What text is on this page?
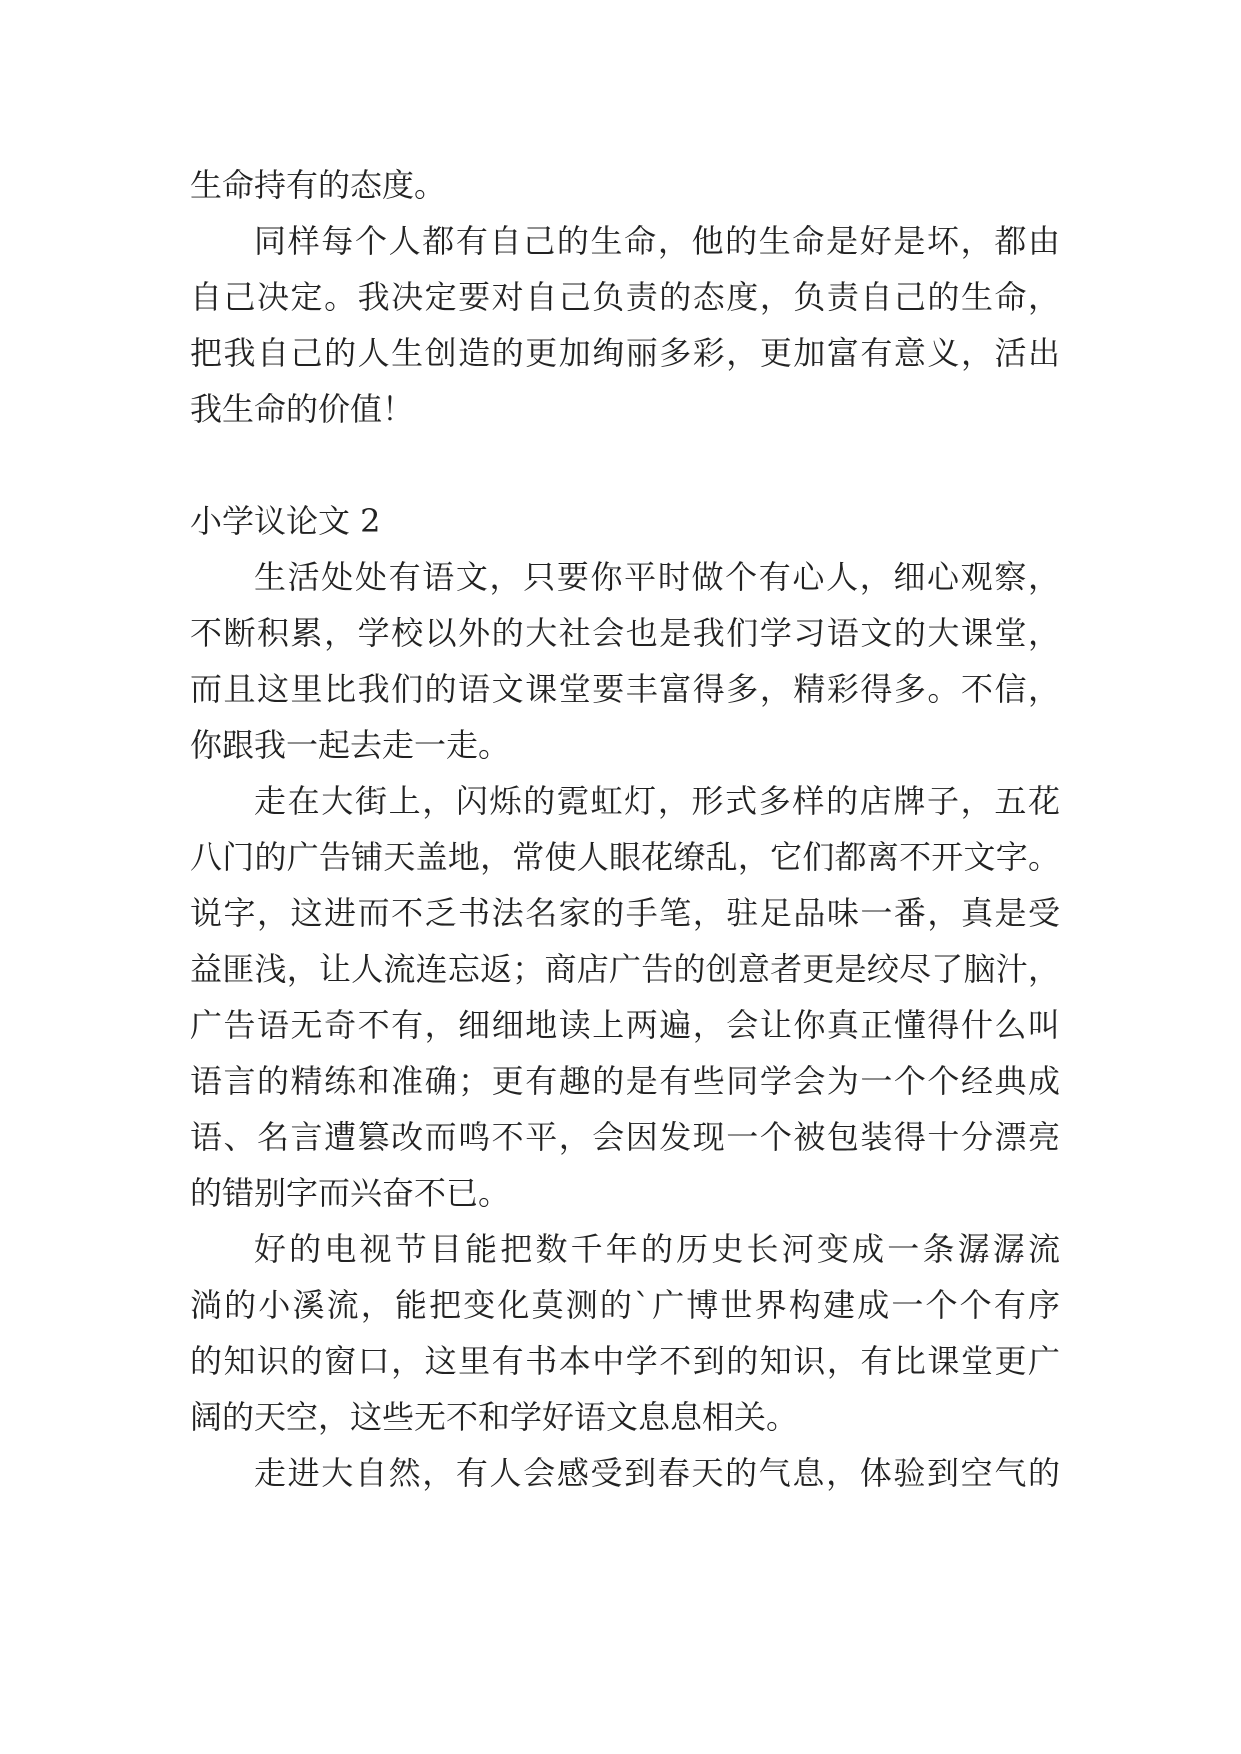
生命持有的态度。
同样每个人都有自己的生命，他的生命是好是坏，都由
自己决定。我决定要对自己负责的态度，负责自己的生命，
把我自己的人生创造的更加绚丽多彩，更加富有意义，活出
我生命的价值！
小学议论文 2
生活处处有语文，只要你平时做个有心人，细心观察，
不断积累，学校以外的大社会也是我们学习语文的大课堂，
而且这里比我们的语文课堂要丰富得多，精彩得多。不信，
你跟我一起去走一走。
走在大街上，闪烁的霓虹灯，形式多样的店牌子，五花
八门的广告铺天盖地，常使人眼花缭乱，它们都离不开文字。
说字，这进而不乏书法名家的手笔，驻足品味一番，真是受
益匪浅，让人流连忘返；商店广告的创意者更是绞尽了脑汁，
广告语无奇不有，细细地读上两遍，会让你真正懂得什么叫
语言的精练和准确；更有趣的是有些同学会为一个个经典成
语、名言遭篡改而鸣不平，会因发现一个被包装得十分漂亮
的错别字而兴奋不已。
好的电视节目能把数千年的历史长河变成一条潺潺流
淌的小溪流，能把变化莫测的`广博世界构建成一个个有序
的知识的窗口，这里有书本中学不到的知识，有比课堂更广
阔的天空，这些无不和学好语文息息相关。
走进大自然，有人会感受到春天的气息，体验到空气的
